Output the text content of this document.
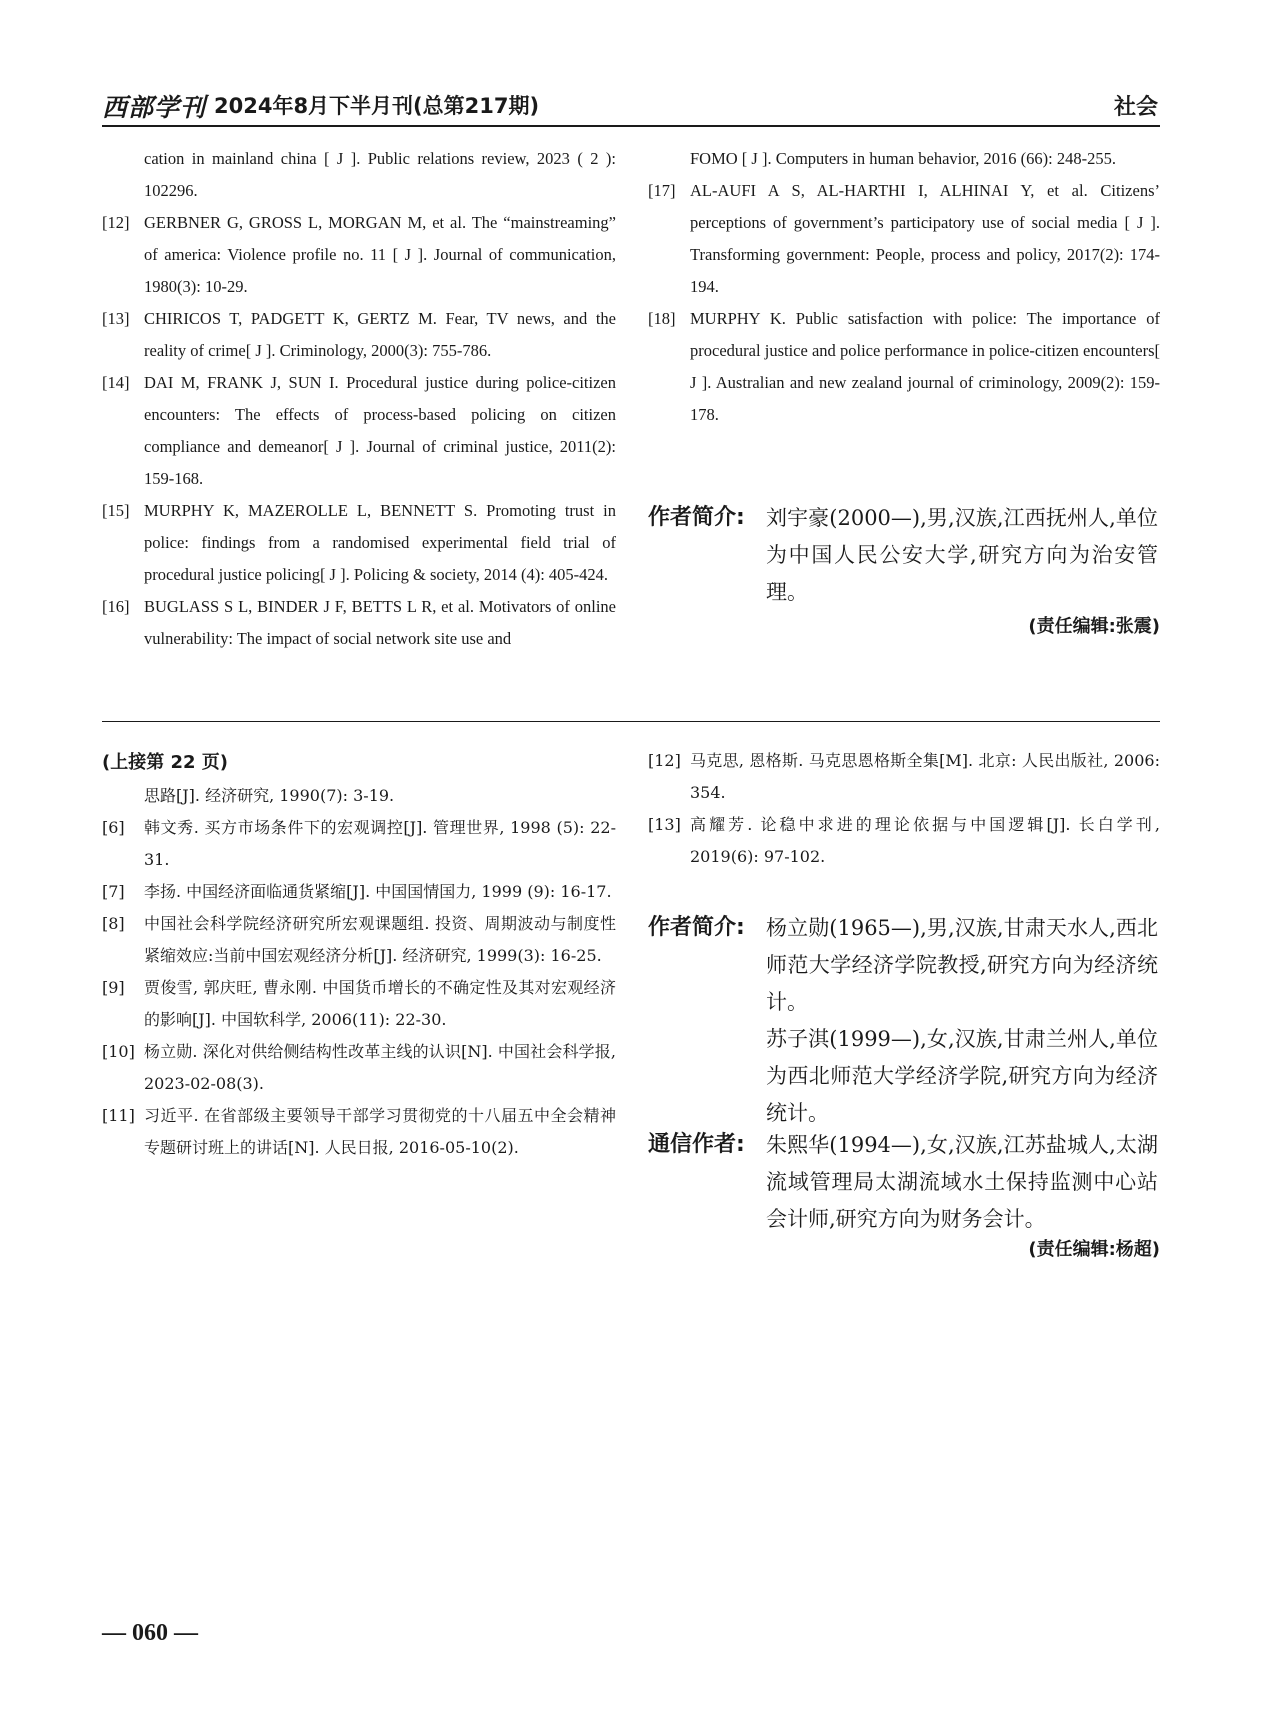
西部学刊 2024年8月下半月刊(总第217期)	社会

cation in mainland china [ J ]. Public relations review, 2023 ( 2 ): 102296.

[12] GERBNER G, GROSS L, MORGAN M, et al. The “mainstreaming” of america: Violence profile no. 11 [ J ]. Journal of communication, 1980(3): 10-29.

[13] CHIRICOS T, PADGETT K, GERTZ M. Fear, TV news, and the reality of crime[ J ]. Criminology, 2000(3): 755-786.

[14] DAI M, FRANK J, SUN I. Procedural justice during police-citizen encounters: The effects of process-based policing on citizen compliance and demeanor[ J ]. Journal of criminal justice, 2011(2): 159-168.

[15] MURPHY K, MAZEROLLE L, BENNETT S. Promoting trust in police: findings from a randomised experimental field trial of procedural justice policing[ J ]. Policing & society, 2014 (4): 405-424.

[16] BUGLASS S L, BINDER J F, BETTS L R, et al. Motivators of online vulnerability: The impact of social network site use and

FOMO [ J ]. Computers in human behavior, 2016 (66): 248-255.

[17] AL-AUFI A S, AL-HARTHI I, ALHINAI Y, et al. Citizens’ perceptions of government’s participatory use of social media [ J ]. Transforming government: People, process and policy, 2017(2): 174-194.

[18] MURPHY K. Public satisfaction with police: The importance of procedural justice and police performance in police-citizen encounters[ J ]. Australian and new zealand journal of criminology, 2009(2): 159-178.

作者简介: 刘宇豪(2000—),男,汉族,江西抚州人,单位为中国人民公安大学,研究方向为治安管理。
(责任编辑:张震)
(上接第 22 页)

思路[J]. 经济研究, 1990(7): 3-19.

[6] 韩文秀. 买方市场条件下的宏观调控[J]. 管理世界, 1998 (5): 22-31.

[7] 李扬. 中国经济面临通货紧缩[J]. 中国国情国力, 1999 (9): 16-17.

[8] 中国社会科学院经济研究所宏观课题组. 投资、周期波动与制度性紧缩效应:当前中国宏观经济分析[J]. 经济研究, 1999(3): 16-25.

[9] 贾俊雪, 郭庆旺, 曹永刚. 中国货币增长的不确定性及其对宏观经济的影响[J]. 中国软科学, 2006(11): 22-30.

[10] 杨立勋. 深化对供给侧结构性改革主线的认识[N]. 中国社会科学报, 2023-02-08(3).

[11] 习近平. 在省部级主要领导干部学习贯彻党的十八届五中全会精神专题研讨班上的讲话[N]. 人民日报, 2016-05-10(2).

[12] 马克思, 恩格斯. 马克思恩格斯全集[M]. 北京: 人民出版社, 2006: 354.

[13] 高耀芳. 论稳中求进的理论依据与中国逻辑[J]. 长白学刊, 2019(6): 97-102.

作者简介: 杨立勋(1965—),男,汉族,甘肃天水人,西北师范大学经济学院教授,研究方向为经济统计。
苏子淇(1999—),女,汉族,甘肃兰州人,单位为西北师范大学经济学院,研究方向为经济统计。
通信作者: 朱熙华(1994—),女,汉族,江苏盐城人,太湖流域管理局太湖流域水土保持监测中心站会计师,研究方向为财务会计。
(责任编辑:杨超)
— 060 —
